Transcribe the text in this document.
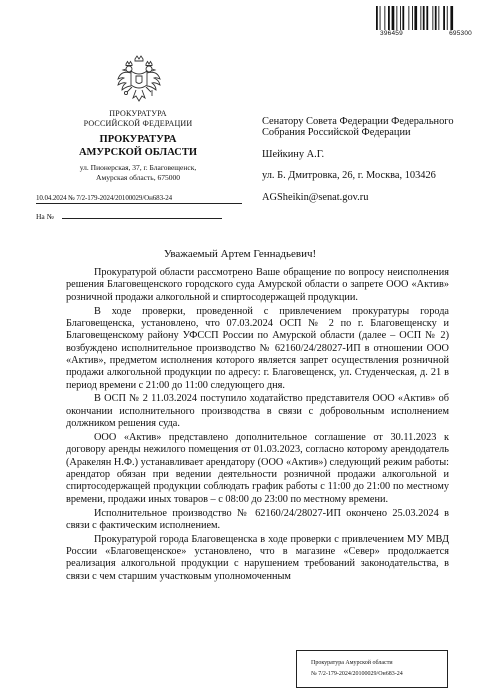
396459	695300
ПРОКУРАТУРА
РОССИЙСКОЙ ФЕДЕРАЦИИ
ПРОКУРАТУРА
АМУРСКОЙ ОБЛАСТИ
ул. Пионерская, 37, г. Благовещенск,
Амурская область, 675000
10.04.2024 № 7/2-179-2024/20100029/Он683-24
На №

Сенатору Совета Федерации Федерального Собрания Российской Федерации

Шейкину А.Г.

ул. Б. Дмитровка, 26, г. Москва, 103426

AGSheikin@senat.gov.ru

Уважаемый Артем Геннадьевич!

Прокуратурой области рассмотрено Ваше обращение по вопросу неисполнения решения Благовещенского городского суда Амурской области о запрете ООО «Актив» розничной продажи алкогольной и спиртосодержащей продукции.

В ходе проверки, проведенной с привлечением прокуратуры города Благовещенска, установлено, что 07.03.2024 ОСП № 2 по г. Благовещенску и Благовещенскому району УФССП России по Амурской области (далее – ОСП № 2) возбуждено исполнительное производство № 62160/24/28027-ИП в отношении ООО «Актив», предметом исполнения которого является запрет осуществления розничной продажи алкогольной продукции по адресу: г. Благовещенск, ул. Студенческая, д. 21 в период времени с 21:00 до 11:00 следующего дня.

В ОСП № 2 11.03.2024 поступило ходатайство представителя ООО «Актив» об окончании исполнительного производства в связи с добровольным исполнением должником решения суда.

ООО «Актив» представлено дополнительное соглашение от 30.11.2023 к договору аренды нежилого помещения от 01.03.2023, согласно которому арендодатель (Аракелян Н.Ф.) устанавливает арендатору (ООО «Актив») следующий режим работы: арендатор обязан при ведении деятельности розничной продажи алкогольной и спиртосодержащей продукции соблюдать график работы с 11:00 до 21:00 по местному времени, продажи иных товаров – с 08:00 до 23:00 по местному времени.

Исполнительное производство № 62160/24/28027-ИП окончено 25.03.2024 в связи с фактическим исполнением.

Прокуратурой города Благовещенска в ходе проверки с привлечением МУ МВД России «Благовещенское» установлено, что в магазине «Север» продолжается реализация алкогольной продукции с нарушением требований законодательства, в связи с чем старшим участковым уполномоченным

Прокуратура Амурской области
№ 7/2-179-2024/20100029/Он683-24
